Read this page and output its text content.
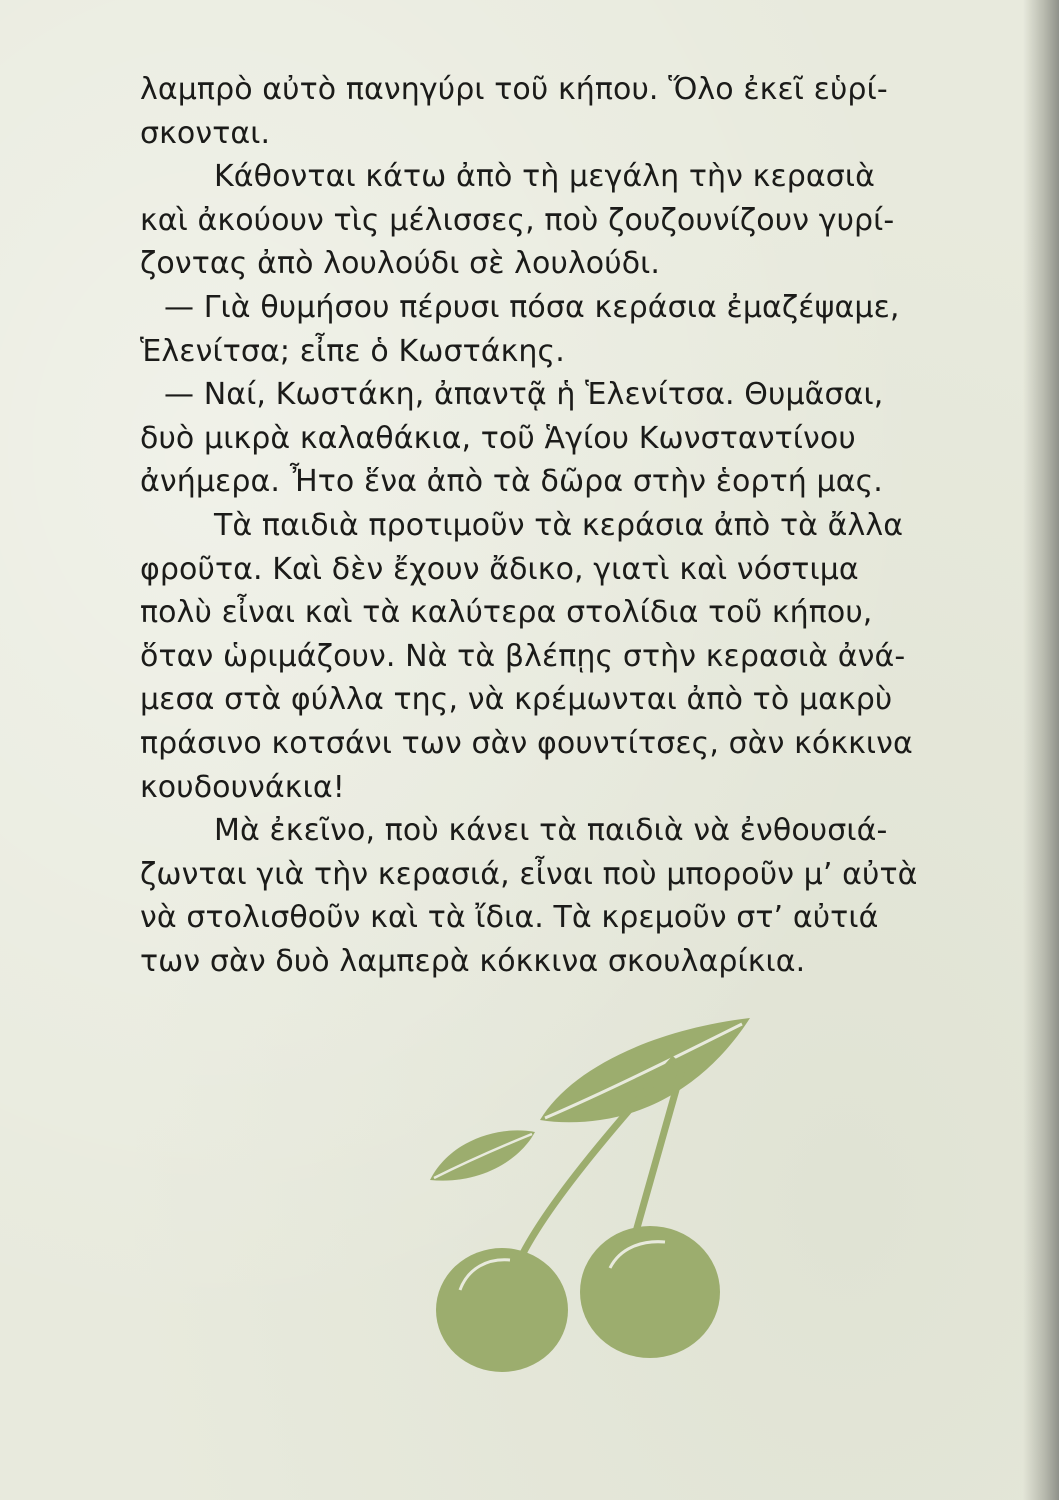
λαμπρὸ αὐτὸ πανηγύρι τοῦ κήπου. Ὅλο ἐκεῖ εὑρί-
σκονται.
Κάθονται κάτω ἀπὸ τὴ μεγάλη τὴν κερασιὰ
καὶ ἀκούουν τὶς μέλισσες, ποὺ ζουζουνίζουν γυρί-
ζοντας ἀπὸ λουλούδι σὲ λουλούδι.
— Γιὰ θυμήσου πέρυσι πόσα κεράσια ἐμαζέψαμε,
Ἑλενίτσα; εἶπε ὁ Κωστάκης.
— Ναί, Κωστάκη, ἀπαντᾷ ἡ Ἑλενίτσα. Θυμᾶσαι,
δυὸ μικρὰ καλαθάκια, τοῦ Ἁγίου Κωνσταντίνου
ἀνήμερα. Ἦτο ἕνα ἀπὸ τὰ δῶρα στὴν ἑορτή μας.
Τὰ παιδιὰ προτιμοῦν τὰ κεράσια ἀπὸ τὰ ἄλλα
φροῦτα. Καὶ δὲν ἔχουν ἄδικο, γιατὶ καὶ νόστιμα
πολὺ εἶναι καὶ τὰ καλύτερα στολίδια τοῦ κήπου,
ὅταν ὡριμάζουν. Νὰ τὰ βλέπῃς στὴν κερασιὰ ἀνά-
μεσα στὰ φύλλα της, νὰ κρέμωνται ἀπὸ τὸ μακρὺ
πράσινο κοτσάνι των σὰν φουντίτσες, σὰν κόκκινα
κουδουνάκια!
Μὰ ἐκεῖνο, ποὺ κάνει τὰ παιδιὰ νὰ ἐνθουσιά-
ζωνται γιὰ τὴν κερασιά, εἶναι ποὺ μποροῦν μ’ αὐτὰ
νὰ στολισθοῦν καὶ τὰ ἴδια. Τὰ κρεμοῦν στ’ αὐτιά
των σὰν δυὸ λαμπερὰ κόκκινα σκουλαρίκια.
